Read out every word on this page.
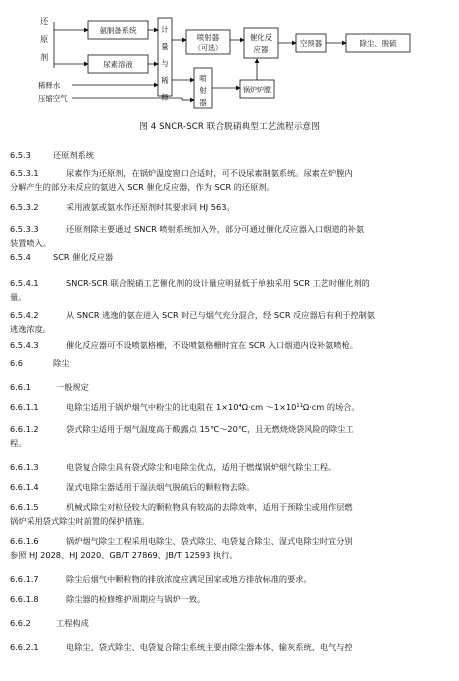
还
原
剂
氨制备系统
尿素溶液
计
量
与
稀
释
喷射器
（可选）
催化反
应器
空预器	除尘、脱硫
喷
射
器
锅炉炉膛
稀释水
压缩空气
图 4 SNCR-SCR 联合脱硝典型工艺流程示意图
6.5.3	还原剂系统
6.5.3.1	尿素作为还原剂，在锅炉温度窗口合适时，可不设尿素制氨系统。尿素在炉膛内
分解产生的部分未反应的氨进入 SCR 催化反应器，作为 SCR 的还原剂。
6.5.3.2	采用液氨或氨水作还原剂时其要求同 HJ 563。
6.5.3.3	还原剂除主要通过 SNCR 喷射系统加入外，部分可通过催化反应器入口烟道的补氨
装置喷入。
6.5.4	SCR 催化反应器
6.5.4.1	SNCR-SCR 联合脱硝工艺催化剂的设计量应明显低于单独采用 SCR 工艺时催化剂的
量。
6.5.4.2	从 SNCR 逃逸的氨在进入 SCR 时已与烟气充分混合，经 SCR 反应器后有利于控制氨
逃逸浓度。
6.5.4.3	催化反应器可不设喷氨格栅，不设喷氨格栅时宜在 SCR 入口烟道内设补氨喷枪。
6.6	除尘
6.6.1	一般规定
6.6.1.1	电除尘适用于锅炉烟气中粉尘的比电阻在 1×10⁴Ω·cm ～1×10¹¹Ω·cm 的场合。
6.6.1.2	袋式除尘适用于烟气温度高于酸露点 15℃～20℃，且无燃烧烧袋风险的除尘工
程。
6.6.1.3	电袋复合除尘具有袋式除尘和电除尘优点，适用于燃煤锅炉烟气除尘工程。
6.6.1.4	湿式电除尘器适用于湿法烟气脱硫后的颗粒物去除。
6.6.1.5	机械式除尘对粒径较大的颗粒物具有较高的去除效率，适用于预除尘或用作层燃
锅炉采用袋式除尘时前置的保护措施。
6.6.1.6	锅炉烟气除尘工程采用电除尘、袋式除尘、电袋复合除尘、湿式电除尘时宜分别
参照 HJ 2028、HJ 2020、GB/T 27869、JB/T 12593 执行。
6.6.1.7	除尘后烟气中颗粒物的排放浓度应满足国家或地方排放标准的要求。
6.6.1.8	除尘器的检修维护周期应与锅炉一致。
6.6.2	工程构成
6.6.2.1	电除尘、袋式除尘、电袋复合除尘系统主要由除尘器本体、输灰系统、电气与控
